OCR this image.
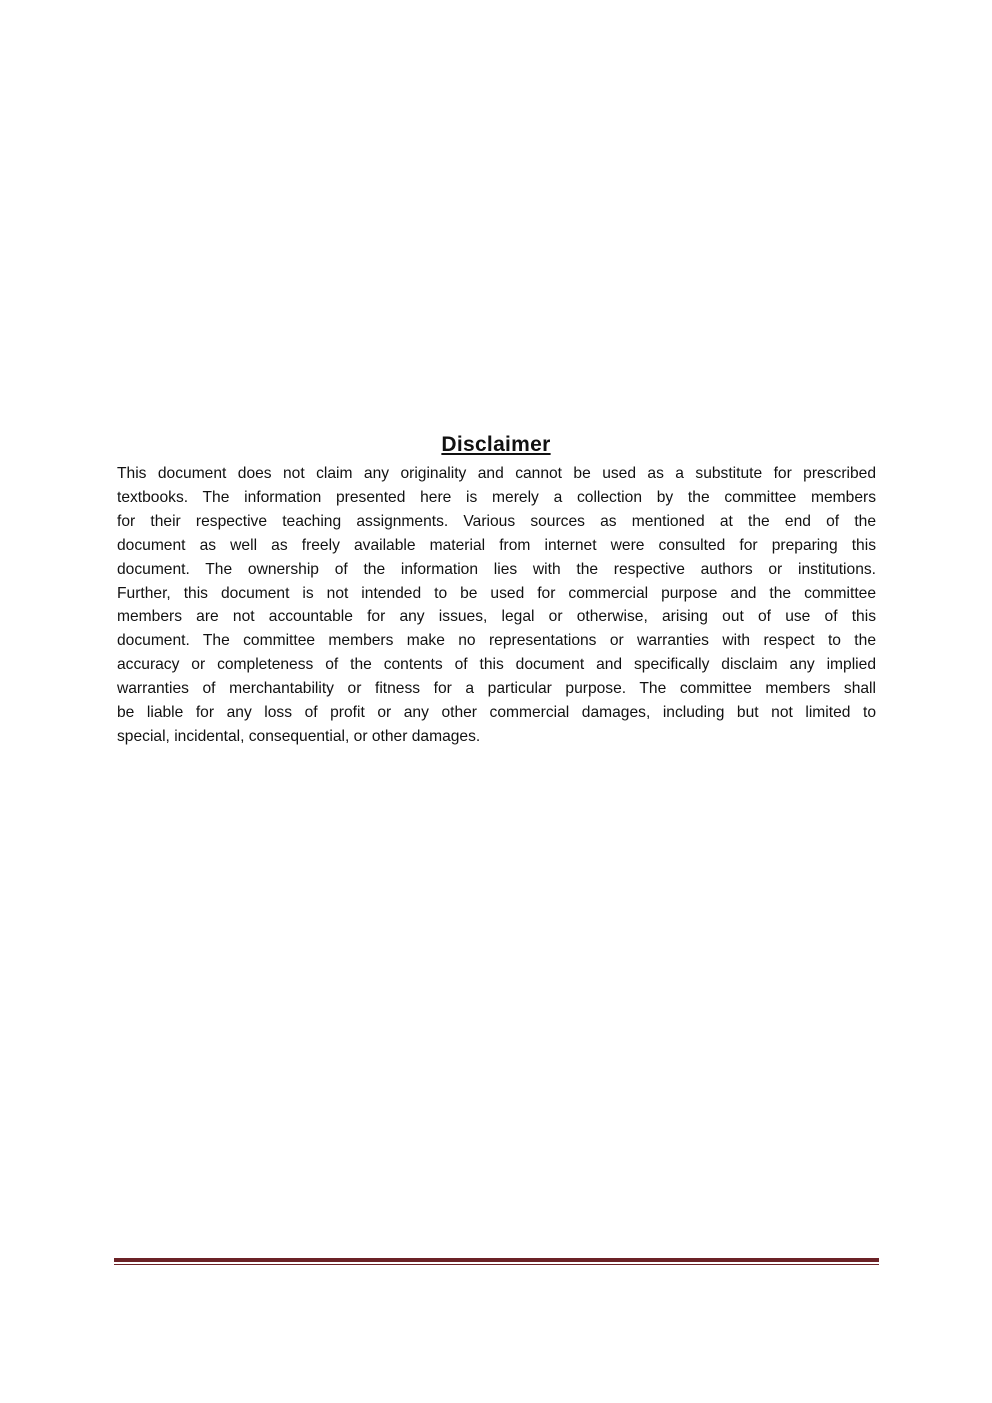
Disclaimer
This document does not claim any originality and cannot be used as a substitute for prescribed
textbooks. The information presented here is merely a collection by the committee members
for their respective teaching assignments. Various sources as mentioned at the end of the
document as well as freely available material from internet were consulted for preparing this
document. The ownership of the information lies with the respective authors or institutions.
Further, this document is not intended to be used for commercial purpose and the committee
members are not accountable for any issues, legal or otherwise, arising out of use of this
document. The committee members make no representations or warranties with respect to the
accuracy or completeness of the contents of this document and specifically disclaim any implied
warranties of merchantability or fitness for a particular purpose. The committee members shall
be liable for any loss of profit or any other commercial damages, including but not limited to
special, incidental, consequential, or other damages.
